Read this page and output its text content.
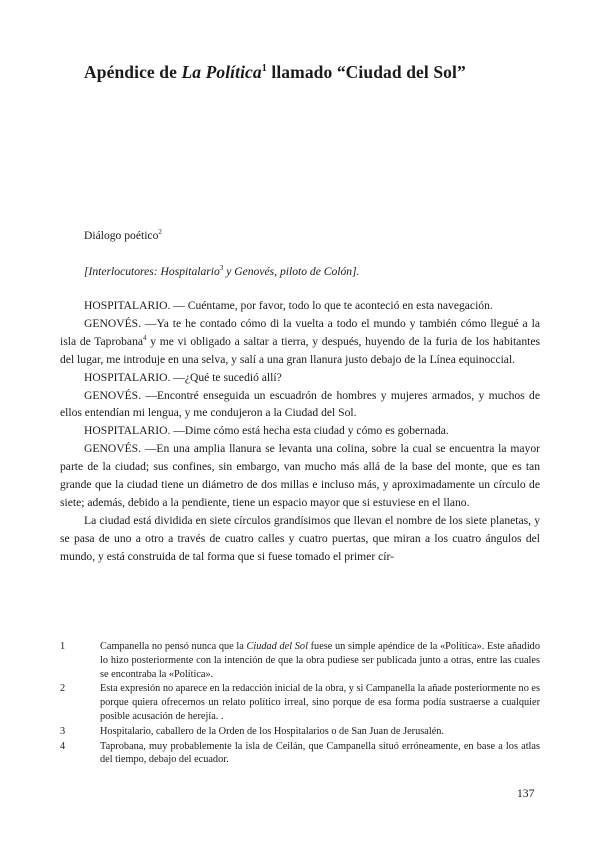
Apéndice de La Política$^1$ llamado “Ciudad del Sol”
Diálogo poético$^2$
[Interlocutores: Hospitalario$^3$ y Genovés, piloto de Colón].

HOSPITALARIO. — Cuéntame, por favor, todo lo que te aconteció en esta navegación.

GENOVÉS. —Ya te he contado cómo di la vuelta a todo el mundo y también cómo llegué a la isla de Taprobana$^4$ y me vi obligado a saltar a tierra, y después, huyendo de la furia de los habitantes del lugar, me introduje en una selva, y salí a una gran llanura justo debajo de la Línea equinoccial.

HOSPITALARIO. —¿Qué te sucedió allí?

GENOVÉS. —Encontré enseguida un escuadrón de hombres y mujeres armados, y muchos de ellos entendían mi lengua, y me condujeron a la Ciudad del Sol.

HOSPITALARIO. —Dime cómo está hecha esta ciudad y cómo es gobernada.

GENOVÉS. —En una amplia llanura se levanta una colina, sobre la cual se encuentra la mayor parte de la ciudad; sus confines, sin embargo, van mucho más allá de la base del monte, que es tan grande que la ciudad tiene un diámetro de dos millas e incluso más, y aproximadamente un círculo de siete; además, debido a la pendiente, tiene un espacio mayor que si estuviese en el llano.

La ciudad está dividida en siete círculos grandísimos que llevan el nombre de los siete planetas, y se pasa de uno a otro a través de cuatro calles y cuatro puertas, que miran a los cuatro ángulos del mundo, y está construida de tal forma que si fuese tomado el primer cír-

1	Campanella no pensó nunca que la Ciudad del Sol fuese un simple apéndice de la «Política». Este añadido lo hizo posteriormente con la intención de que la obra pudiese ser publicada junto a otras, entre las cuales se encontraba la «Política».
2	Esta expresión no aparece en la redacción inicial de la obra, y si Campanella la añade posteriormente no es porque quiera ofrecernos un relato político irreal, sino porque de esa forma podía sustraerse a cualquier posible acusación de herejía. .
3	Hospitalario, caballero de la Orden de los Hospitalarios o de San Juan de Jerusalén.
4	Taprobana, muy probablemente la isla de Ceilán, que Campanella situó erróneamente, en base a los atlas del tiempo, debajo del ecuador.
137
